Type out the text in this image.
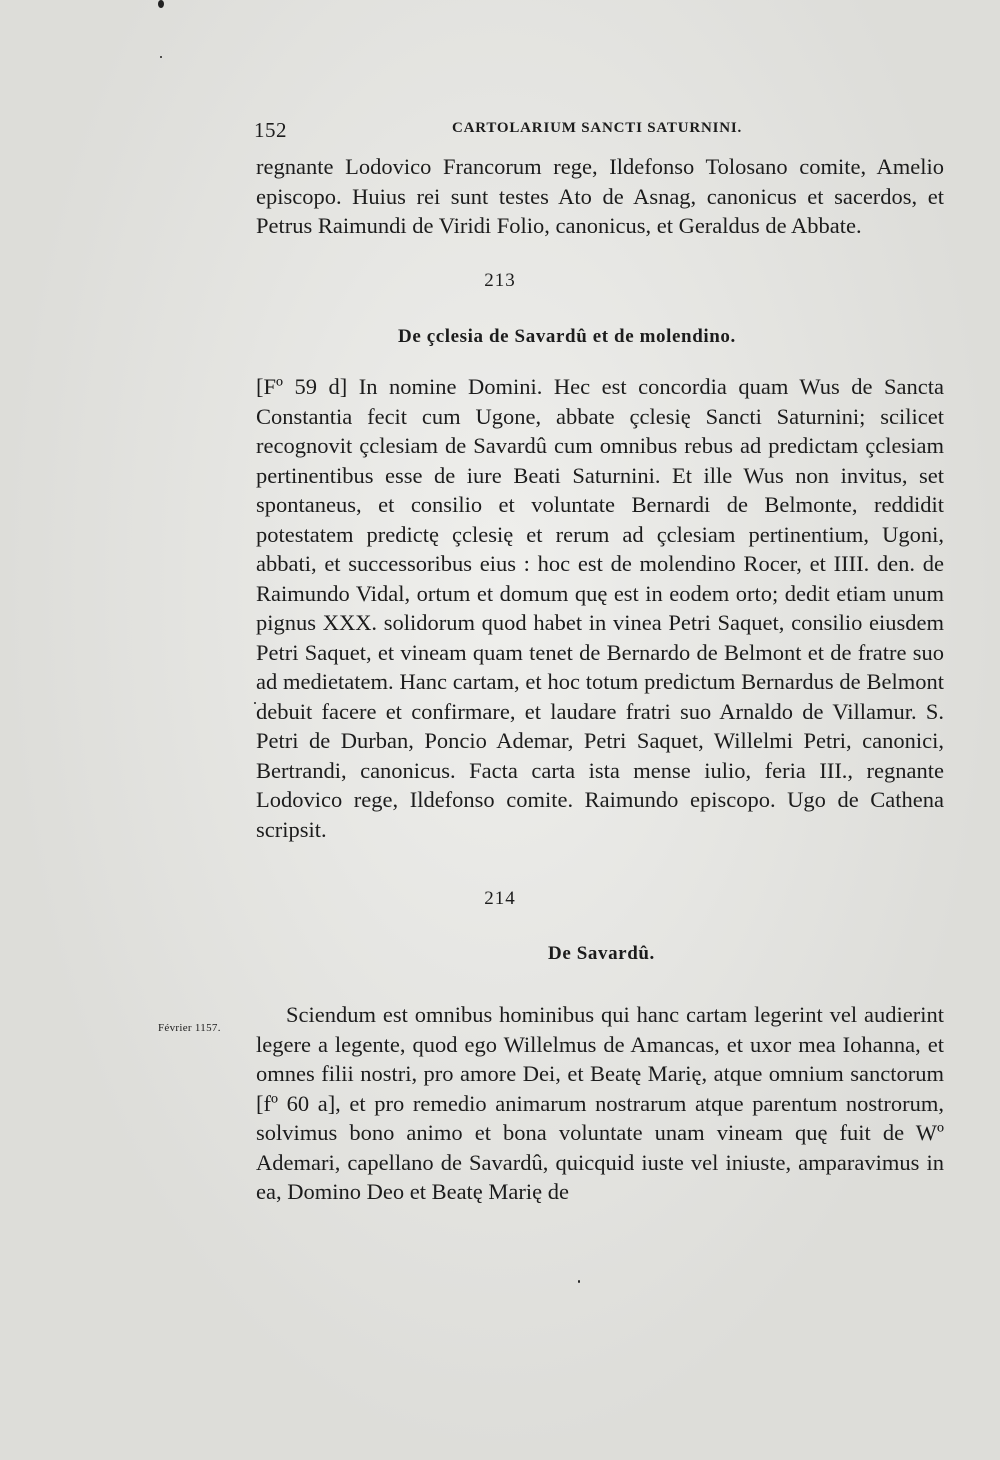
152	CARTOLARIUM SANCTI SATURNINI.

regnante Lodovico Francorum rege, Ildefonso Tolosano comite, Amelio episcopo. Huius rei sunt testes Ato de Asnag, canonicus et sacerdos, et Petrus Raimundi de Viridi Folio, canonicus, et Geraldus de Abbate.

213
De çclesia de Savardû et de molendino.

[Fº 59 d] In nomine Domini. Hec est concordia quam Wus de Sancta Constantia fecit cum Ugone, abbate çclesię Sancti Saturnini; scilicet recognovit çclesiam de Savardû cum omnibus rebus ad predictam çclesiam pertinentibus esse de iure Beati Saturnini. Et ille Wus non invitus, set spontaneus, et consilio et voluntate Bernardi de Belmonte, reddidit potestatem predictę çclesię et rerum ad çclesiam pertinentium, Ugoni, abbati, et successoribus eius : hoc est de molendino Rocer, et IIII. den. de Raimundo Vidal, ortum et domum quę est in eodem orto; dedit etiam unum pignus XXX. solidorum quod habet in vinea Petri Saquet, consilio eiusdem Petri Saquet, et vineam quam tenet de Bernardo de Belmont et de fratre suo ad medietatem. Hanc cartam, et hoc totum predictum Bernardus de Belmont debuit facere et confirmare, et laudare fratri suo Arnaldo de Villamur. S. Petri de Durban, Poncio Ademar, Petri Saquet, Willelmi Petri, canonici, Bertrandi, canonicus. Facta carta ista mense iulio, feria III., regnante Lodovico rege, Ildefonso comite. Raimundo episcopo. Ugo de Cathena scripsit.

214
De Savardû.
Février 1157.

Sciendum est omnibus hominibus qui hanc cartam legerint vel audierint legere a legente, quod ego Willelmus de Amancas, et uxor mea Iohanna, et omnes filii nostri, pro amore Dei, et Beatę Marię, atque omnium sanctorum [fº 60 a], et pro remedio animarum nostrarum atque parentum nostrorum, solvimus bono animo et bona voluntate unam vineam quę fuit de Wº Ademari, capellano de Savardû, quicquid iuste vel iniuste, amparavimus in ea, Domino Deo et Beatę Marię de
